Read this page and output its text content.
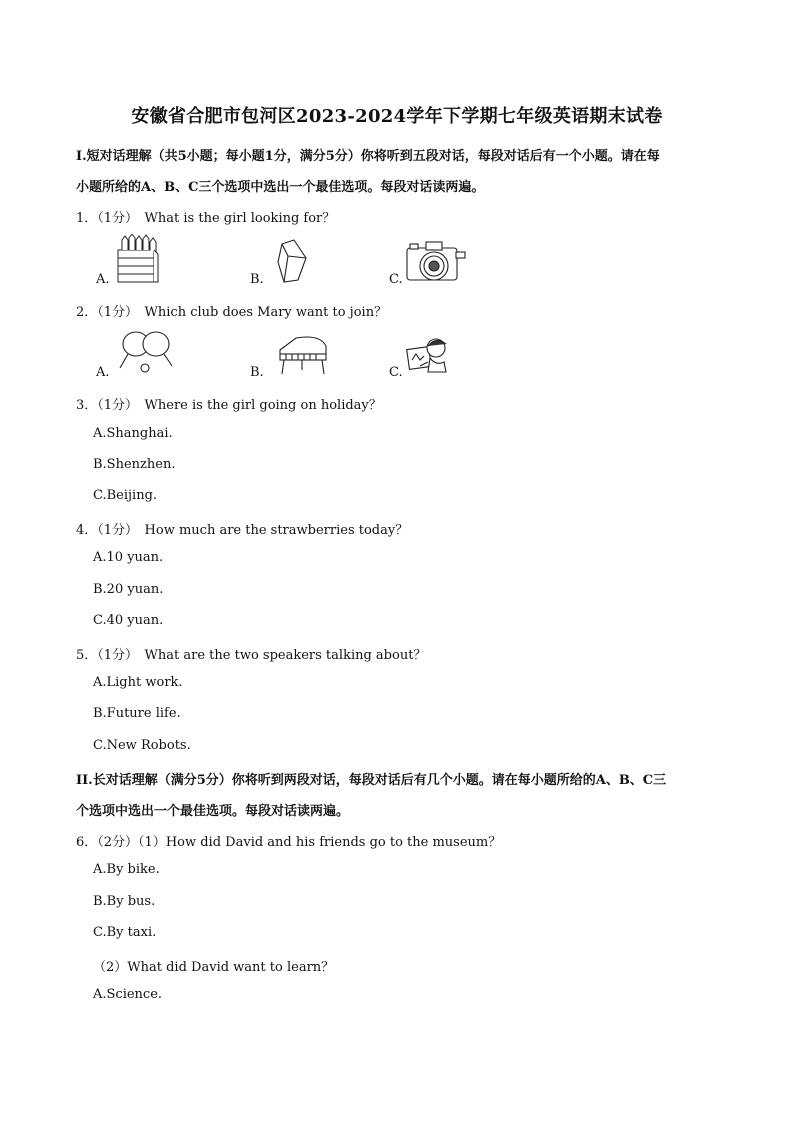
安徽省合肥市包河区2023-2024学年下学期七年级英语期末试卷
I.短对话理解（共5小题；每小题1分，满分5分）你将听到五段对话，每段对话后有一个小题。请在每
小题所给的A、B、C三个选项中选出一个最佳选项。每段对话读两遍。
1．（1分）　What is the girl looking for？
A.	B.	C.
2．（1分）　Which club does Mary want to join？
A.	B.	C.
3．（1分）　Where is the girl going on holiday？
A.Shanghai.
B.Shenzhen.
C.Beijing.
4．（1分）　How much are the strawberries today？
A.10 yuan.
B.20 yuan.
C.40 yuan.
5．（1分）　What are the two speakers talking about？
A.Light work.
B.Future life.
C.New Robots.
II.长对话理解（满分5分）你将听到两段对话，每段对话后有几个小题。请在每小题所给的A、B、C三
个选项中选出一个最佳选项。每段对话读两遍。
6．（2分）（1）How did David and his friends go to the museum？
A.By bike.
B.By bus.
C.By taxi.
（2）What did David want to learn？
A.Science.
